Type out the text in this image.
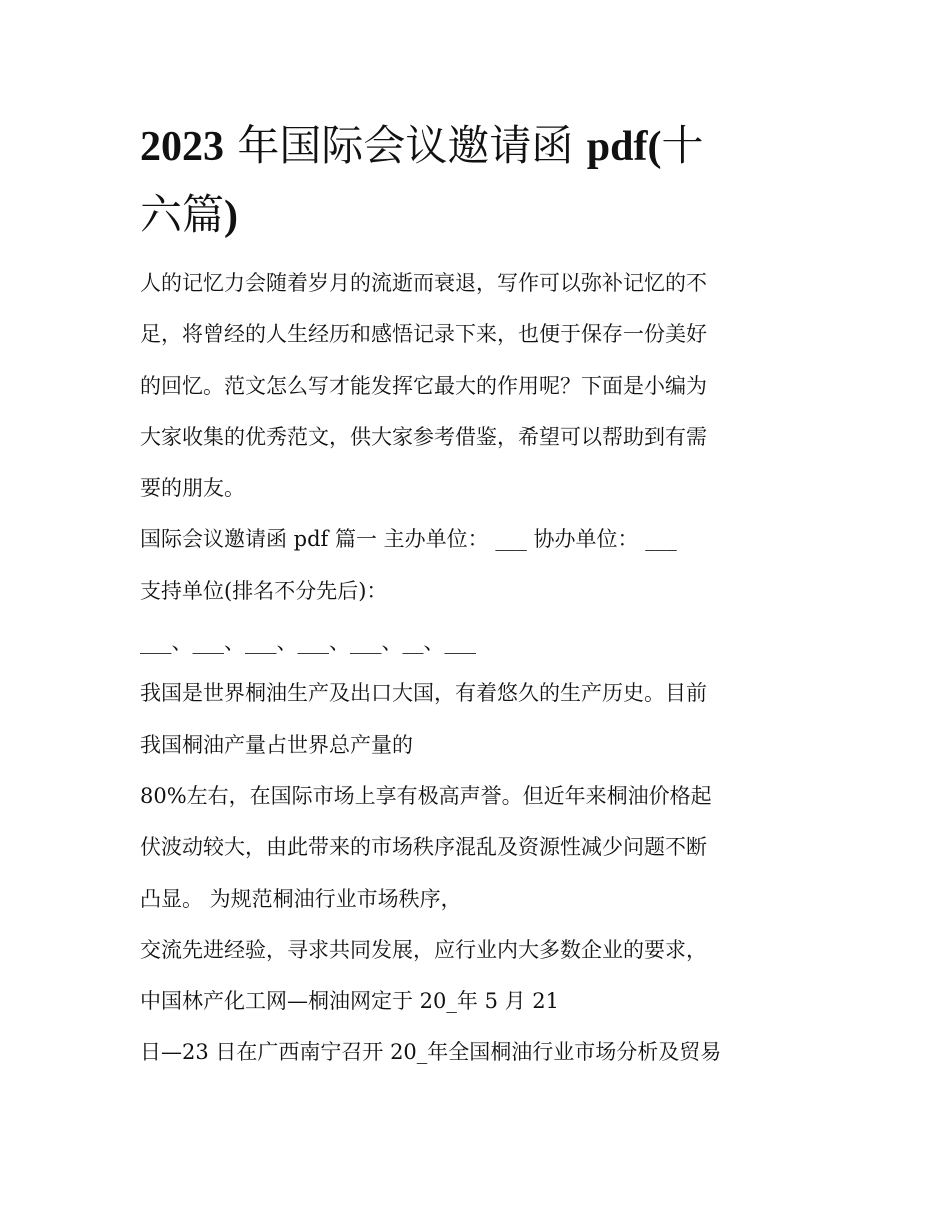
2023 年国际会议邀请函 pdf(十
六篇)
人的记忆力会随着岁月的流逝而衰退，写作可以弥补记忆的不
足，将曾经的人生经历和感悟记录下来，也便于保存一份美好
的回忆。范文怎么写才能发挥它最大的作用呢？下面是小编为
大家收集的优秀范文，供大家参考借鉴，希望可以帮助到有需
要的朋友。
国际会议邀请函 pdf 篇一 主办单位： ___ 协办单位： ___
支持单位(排名不分先后)：
___、___、___、___、___、__、___
我国是世界桐油生产及出口大国，有着悠久的生产历史。目前
我国桐油产量占世界总产量的
80%左右，在国际市场上享有极高声誉。但近年来桐油价格起
伏波动较大，由此带来的市场秩序混乱及资源性减少问题不断
凸显。 为规范桐油行业市场秩序，
交流先进经验，寻求共同发展，应行业内大多数企业的要求，
中国林产化工网—桐油网定于 20_年 5 月 21
日—23 日在广西南宁召开 20_年全国桐油行业市场分析及贸易
